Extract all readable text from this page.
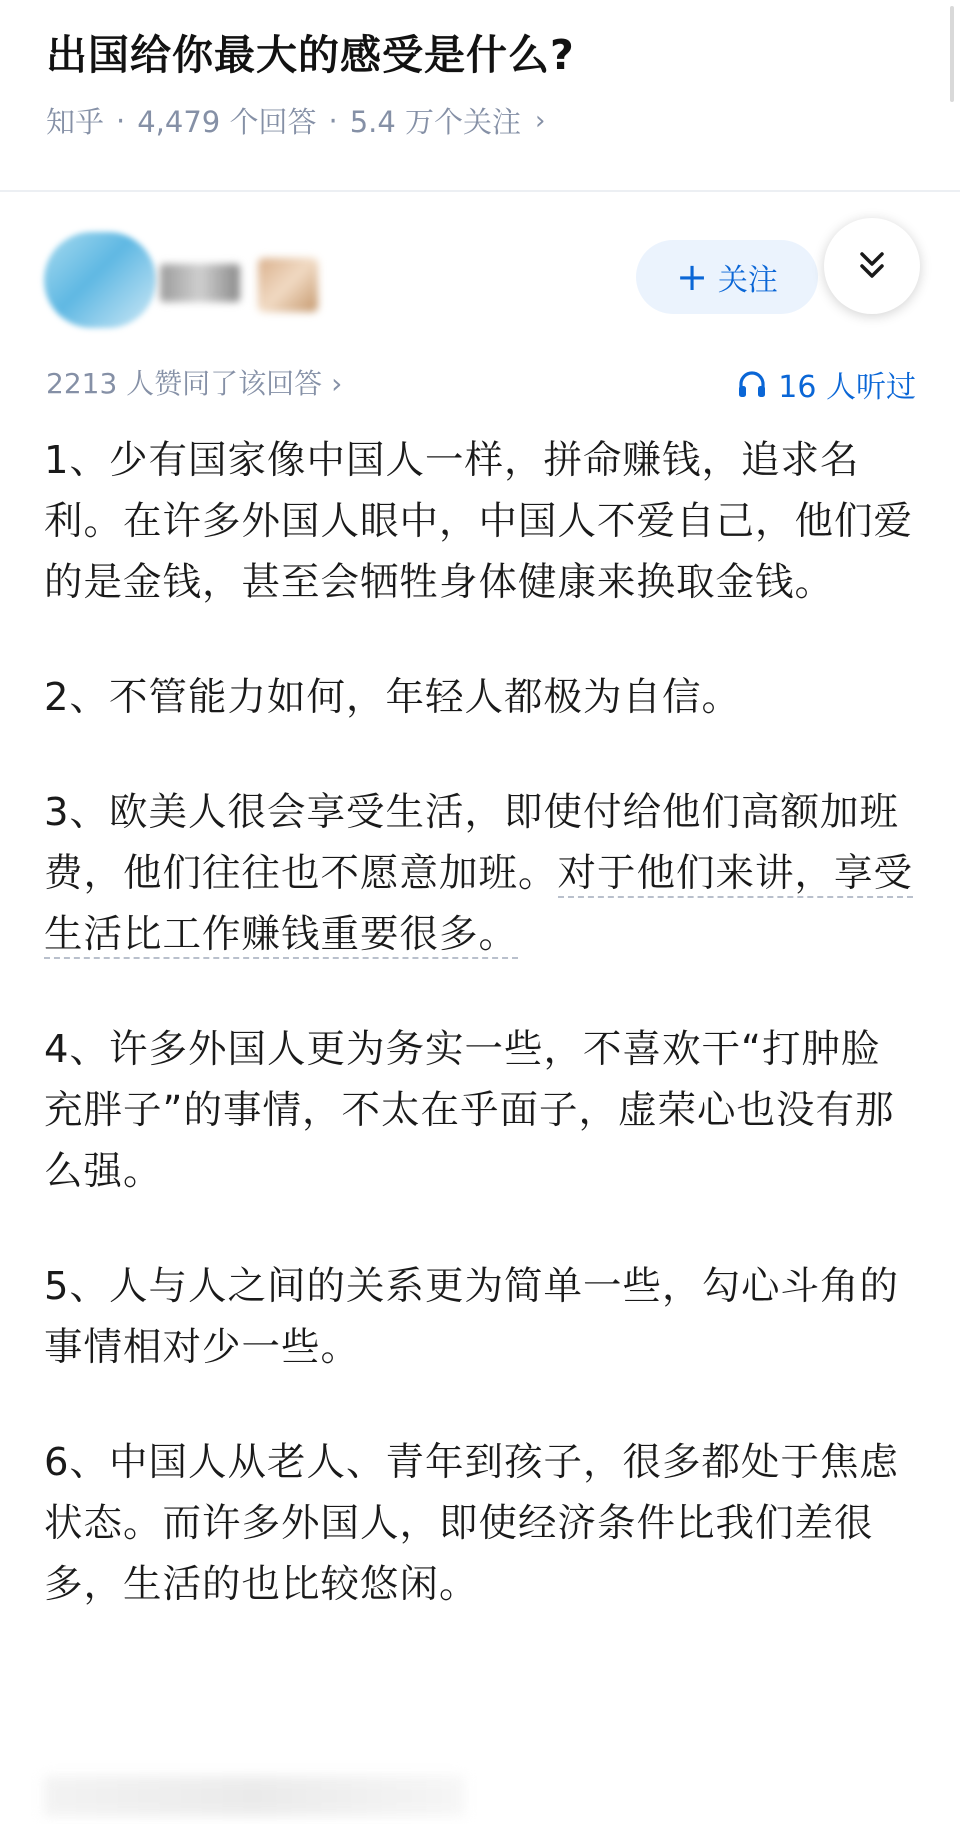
出国给你最大的感受是什么?
知乎 · 4,479 个回答 · 5.4 万个关注 ›
+ 关注
2213 人赞同了该回答 ›	16 人听过

1、少有国家像中国人一样，拼命赚钱，追求名利。在许多外国人眼中，中国人不爱自己，他们爱的是金钱，甚至会牺牲身体健康来换取金钱。

2、不管能力如何，年轻人都极为自信。

3、欧美人很会享受生活，即使付给他们高额加班费，他们往往也不愿意加班。对于他们来讲，享受生活比工作赚钱重要很多。

4、许多外国人更为务实一些，不喜欢干“打肿脸充胖子”的事情，不太在乎面子，虚荣心也没有那么强。

5、人与人之间的关系更为简单一些，勾心斗角的事情相对少一些。

6、中国人从老人、青年到孩子，很多都处于焦虑状态。而许多外国人，即使经济条件比我们差很多，生活的也比较悠闲。
